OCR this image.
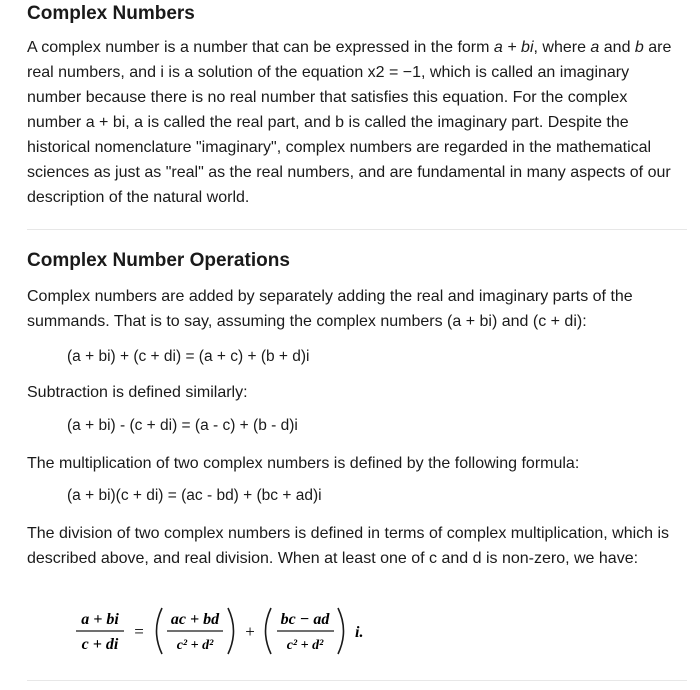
Complex Numbers

A complex number is a number that can be expressed in the form a + bi, where a and b are real numbers, and i is a solution of the equation x2 = −1, which is called an imaginary number because there is no real number that satisfies this equation. For the complex number a + bi, a is called the real part, and b is called the imaginary part. Despite the historical nomenclature "imaginary", complex numbers are regarded in the mathematical sciences as just as "real" as the real numbers, and are fundamental in many aspects of our description of the natural world.

Complex Number Operations

Complex numbers are added by separately adding the real and imaginary parts of the summands. That is to say, assuming the complex numbers (a + bi) and (c + di):

(a + bi) + (c + di) = (a + c) + (b + d)i

Subtraction is defined similarly:

(a + bi) - (c + di) = (a - c) + (b - d)i

The multiplication of two complex numbers is defined by the following formula:

(a + bi)(c + di) = (ac - bd) + (bc + ad)i

The division of two complex numbers is defined in terms of complex multiplication, which is described above, and real division. When at least one of c and d is non-zero, we have:

a + bi
c + di
=
ac + bd
c² + d²
+
bc − ad
c² + d²
i.
